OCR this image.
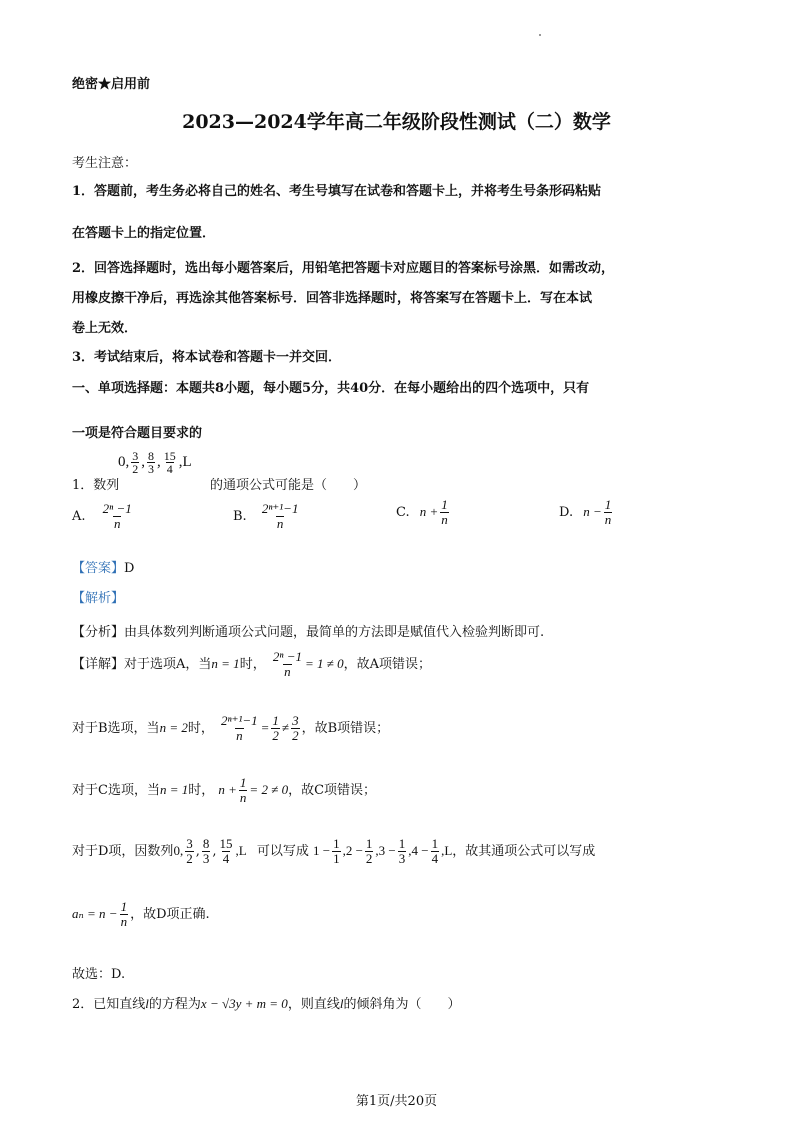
绝密★启用前
2023—2024学年高二年级阶段性测试（二）数学
考生注意：
1．答题前，考生务必将自己的姓名、考生号填写在试卷和答题卡上，并将考生号条形码粘贴
在答题卡上的指定位置．
2．回答选择题时，选出每小题答案后，用铅笔把答题卡对应题目的答案标号涂黑．如需改动，
用橡皮擦干净后，再选涂其他答案标号．回答非选择题时，将答案写在答题卡上．写在本试
卷上无效．
3．考试结束后，将本试卷和答题卡一并交回．
一、单项选择题：本题共8小题，每小题5分，共40分．在每小题给出的四个选项中，只有
一项是符合题目要求的
1．数列
0, $\frac{3}{2}$ , $\frac{8}{3}$ , $\frac{15}{4} ,L$
的通项公式可能是（　　）
A. $\frac{\text{2ⁿ −1}}{n}$	B. $\frac{\text{2ⁿ⁺¹−1}}{n}$	C. $n + \frac{1}{n}$	D. $n - \frac{1}{n}$
【答案】D
【解析】
【分析】由具体数列判断通项公式问题，最简单的方法即是赋值代入检验判断即可.
【详解】对于选项A，当n = 1时， $\frac{\text{2ⁿ −1}}{n} = 1 \ne 0$，故A项错误；
对于B选项，当n = 2时， $\frac{\text{2ⁿ⁺¹−1}}{n} = \frac{1}{2} \ne \frac{3}{2}$ ，故B项错误；
对于C选项，当n = 1时， $n + \frac{1}{n} = 2 \ne 0$，故C项错误；
对于D项，因数列0, $\frac{3}{2}$ , $\frac{8}{3}$ , $\frac{15}{4} ,L$ 可以写成 $1 - \frac{1}{1} ,2 - \frac{1}{2} ,3 - \frac{1}{3} ,4 - \frac{1}{4} ,L$，故其通项公式可以写成
$a_n = n - \frac{1}{n}$ ，故D项正确.
故选：D.
2．已知直线l的方程为x − √3y + m = 0，则直线l的倾斜角为（　　）
第1页/共20页
